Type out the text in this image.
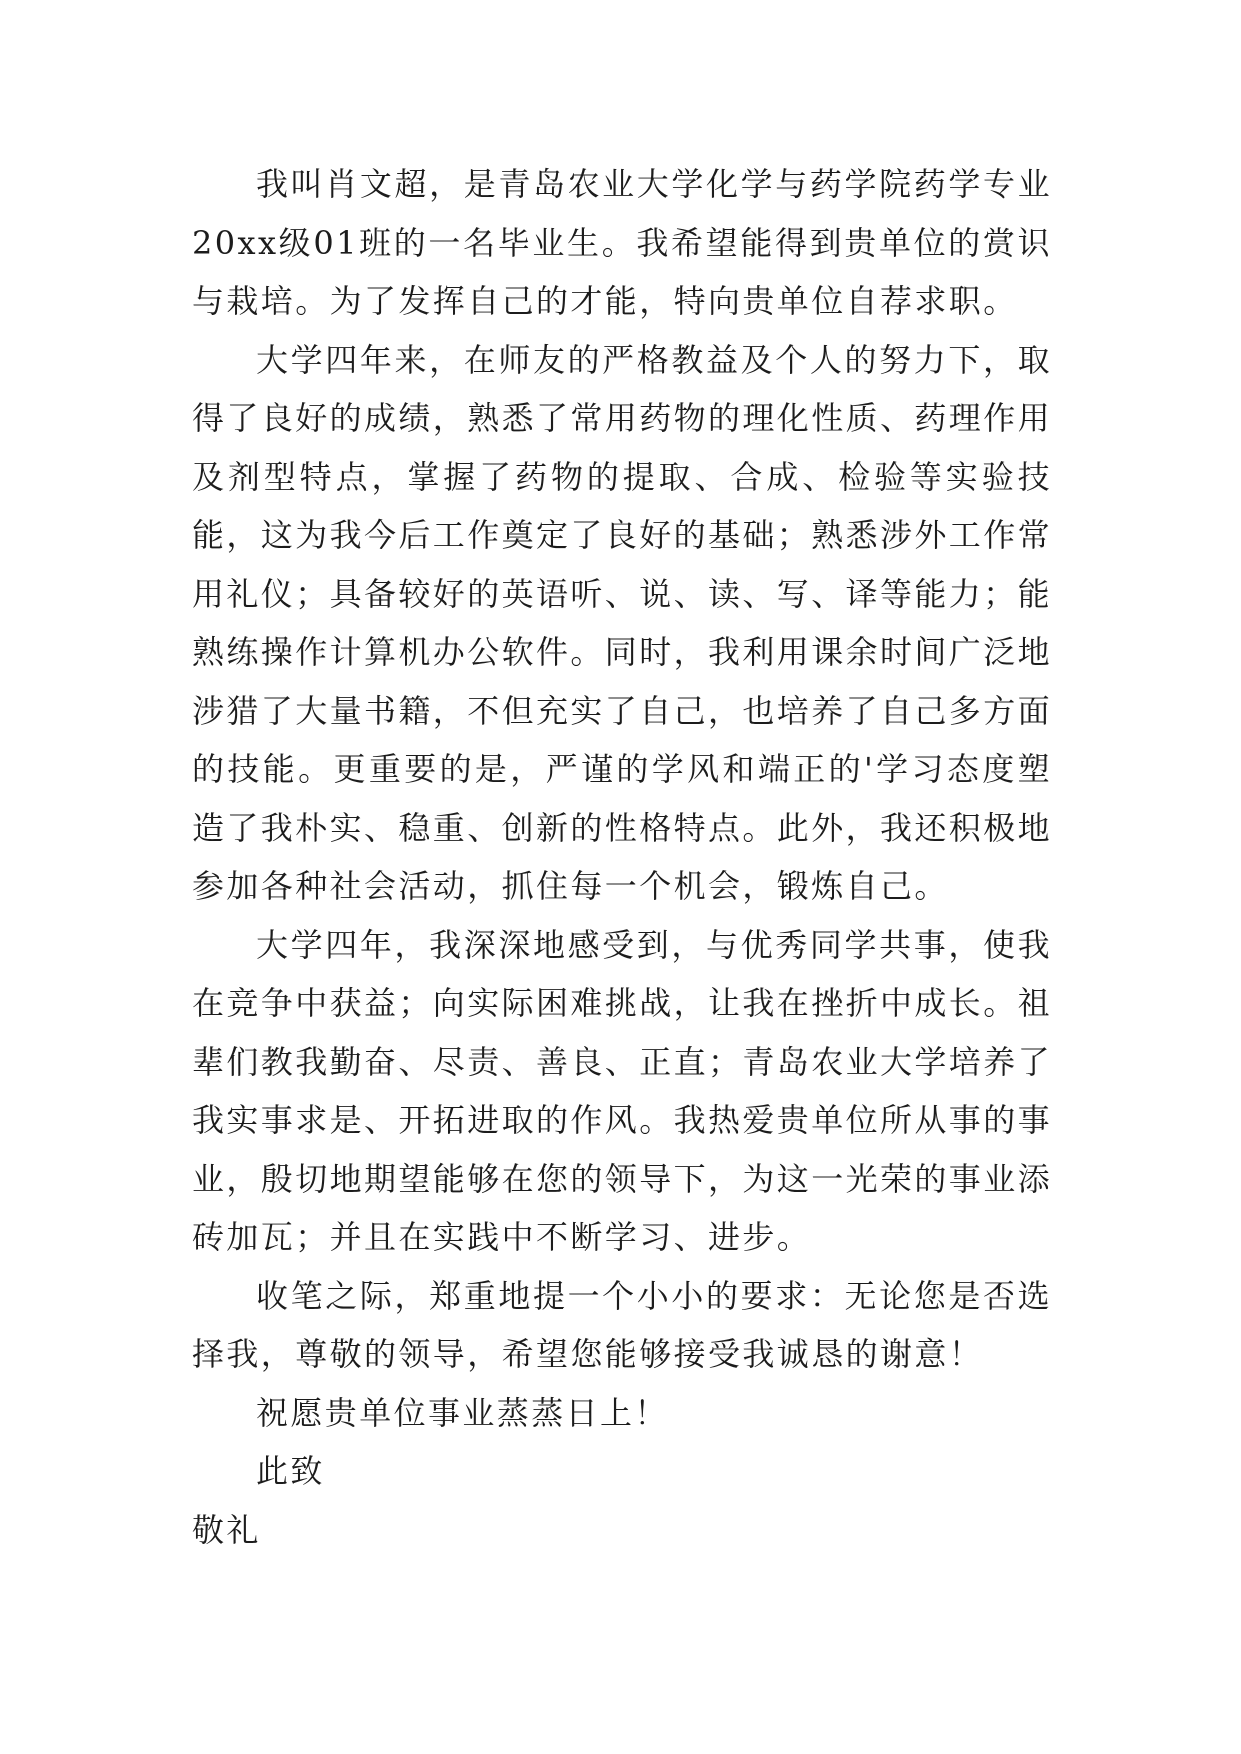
我叫肖文超，是青岛农业大学化学与药学院药学专业20xx级01班的一名毕业生。我希望能得到贵单位的赏识与栽培。为了发挥自己的才能，特向贵单位自荐求职。

大学四年来，在师友的严格教益及个人的努力下，取得了良好的成绩，熟悉了常用药物的理化性质、药理作用及剂型特点，掌握了药物的提取、合成、检验等实验技能，这为我今后工作奠定了良好的基础；熟悉涉外工作常用礼仪；具备较好的英语听、说、读、写、译等能力；能熟练操作计算机办公软件。同时，我利用课余时间广泛地涉猎了大量书籍，不但充实了自己，也培养了自己多方面的技能。更重要的是，严谨的学风和端正的'学习态度塑造了我朴实、稳重、创新的性格特点。此外，我还积极地参加各种社会活动，抓住每一个机会，锻炼自己。

大学四年，我深深地感受到，与优秀同学共事，使我在竞争中获益；向实际困难挑战，让我在挫折中成长。祖辈们教我勤奋、尽责、善良、正直；青岛农业大学培养了我实事求是、开拓进取的作风。我热爱贵单位所从事的事业，殷切地期望能够在您的领导下，为这一光荣的事业添砖加瓦；并且在实践中不断学习、进步。

收笔之际，郑重地提一个小小的要求：无论您是否选择我，尊敬的领导，希望您能够接受我诚恳的谢意！

祝愿贵单位事业蒸蒸日上！

此致

敬礼
